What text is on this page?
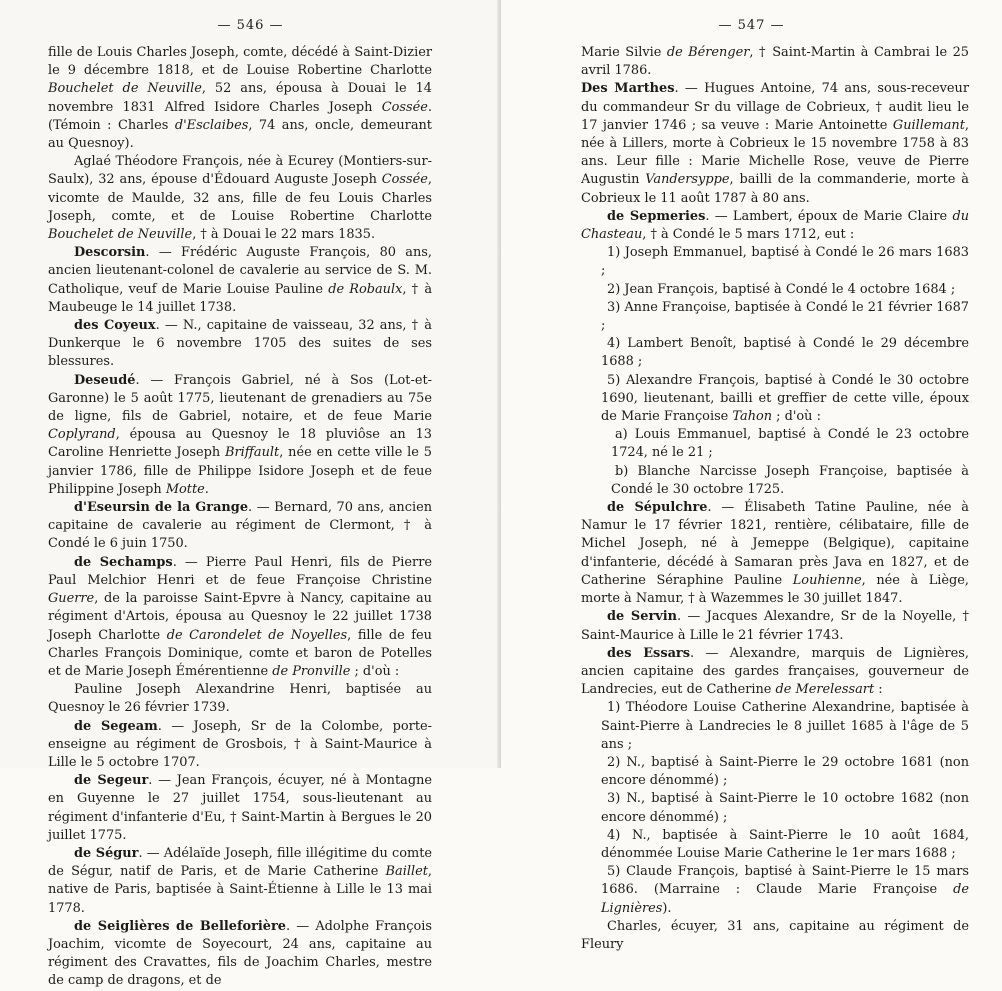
— 546 —

fille de Louis Charles Joseph, comte, décédé à Saint-Dizier le 9 décembre 1818, et de Louise Robertine Charlotte Bouchelet de Neuville, 52 ans, épousa à Douai le 14 novembre 1831 Alfred Isidore Charles Joseph Cossée. (Témoin : Charles d'Esclaibes, 74 ans, oncle, demeurant au Quesnoy).

Aglaé Théodore François, née à Ecurey (Montiers-sur-Saulx), 32 ans, épouse d'Édouard Auguste Joseph Cossée, vicomte de Maulde, 32 ans, fille de feu Louis Charles Joseph, comte, et de Louise Robertine Charlotte Bouchelet de Neuville, † à Douai le 22 mars 1835.

Descorsin. — Frédéric Auguste François, 80 ans, ancien lieutenant-colonel de cavalerie au service de S. M. Catholique, veuf de Marie Louise Pauline de Robaulx, † à Maubeuge le 14 juillet 1738.

des Coyeux. — N., capitaine de vaisseau, 32 ans, † à Dunkerque le 6 novembre 1705 des suites de ses blessures.

Deseudé. — François Gabriel, né à Sos (Lot-et-Garonne) le 5 août 1775, lieutenant de grenadiers au 75e de ligne, fils de Gabriel, notaire, et de feue Marie Coplyrand, épousa au Quesnoy le 18 pluviôse an 13 Caroline Henriette Joseph Briffault, née en cette ville le 5 janvier 1786, fille de Philippe Isidore Joseph et de feue Philippine Joseph Motte.

d'Eseursin de la Grange. — Bernard, 70 ans, ancien capitaine de cavalerie au régiment de Clermont, † à Condé le 6 juin 1750.

de Sechamps. — Pierre Paul Henri, fils de Pierre Paul Melchior Henri et de feue Françoise Christine Guerre, de la paroisse Saint-Epvre à Nancy, capitaine au régiment d'Artois, épousa au Quesnoy le 22 juillet 1738 Joseph Charlotte de Carondelet de Noyelles, fille de feu Charles François Dominique, comte et baron de Potelles et de Marie Joseph Émérentienne de Pronville ; d'où :

Pauline Joseph Alexandrine Henri, baptisée au Quesnoy le 26 février 1739.

de Segeam. — Joseph, Sr de la Colombe, porte-enseigne au régiment de Grosbois, † à Saint-Maurice à Lille le 5 octobre 1707.

de Segeur. — Jean François, écuyer, né à Montagne en Guyenne le 27 juillet 1754, sous-lieutenant au régiment d'infanterie d'Eu, † Saint-Martin à Bergues le 20 juillet 1775.

de Ségur. — Adélaïde Joseph, fille illégitime du comte de Ségur, natif de Paris, et de Marie Catherine Baillet, native de Paris, baptisée à Saint-Étienne à Lille le 13 mai 1778.

de Seiglières de Belleforière. — Adolphe François Joachim, vicomte de Soyecourt, 24 ans, capitaine au régiment des Cravattes, fils de Joachim Charles, mestre de camp de dragons, et de

— 547 —

Marie Silvie de Bérenger, † Saint-Martin à Cambrai le 25 avril 1786.

Des Marthes. — Hugues Antoine, 74 ans, sous-receveur du commandeur Sr du village de Cobrieux, † audit lieu le 17 janvier 1746 ; sa veuve : Marie Antoinette Guillemant, née à Lillers, morte à Cobrieux le 15 novembre 1758 à 83 ans. Leur fille : Marie Michelle Rose, veuve de Pierre Augustin Vandersyppe, bailli de la commanderie, morte à Cobrieux le 11 août 1787 à 80 ans.

de Sepmeries. — Lambert, époux de Marie Claire du Chasteau, † à Condé le 5 mars 1712, eut :

1) Joseph Emmanuel, baptisé à Condé le 26 mars 1683 ;

2) Jean François, baptisé à Condé le 4 octobre 1684 ;

3) Anne Françoise, baptisée à Condé le 21 février 1687 ;

4) Lambert Benoît, baptisé à Condé le 29 décembre 1688 ;

5) Alexandre François, baptisé à Condé le 30 octobre 1690, lieutenant, bailli et greffier de cette ville, époux de Marie Françoise Tahon ; d'où :

a) Louis Emmanuel, baptisé à Condé le 23 octobre 1724, né le 21 ;

b) Blanche Narcisse Joseph Françoise, baptisée à Condé le 30 octobre 1725.

de Sépulchre. — Élisabeth Tatine Pauline, née à Namur le 17 février 1821, rentière, célibataire, fille de Michel Joseph, né à Jemeppe (Belgique), capitaine d'infanterie, décédé à Samaran près Java en 1827, et de Catherine Séraphine Pauline Louhienne, née à Liège, morte à Namur, † à Wazemmes le 30 juillet 1847.

de Servin. — Jacques Alexandre, Sr de la Noyelle, † Saint-Maurice à Lille le 21 février 1743.

des Essars. — Alexandre, marquis de Lignières, ancien capitaine des gardes françaises, gouverneur de Landrecies, eut de Catherine de Merelessart :

1) Théodore Louise Catherine Alexandrine, baptisée à Saint-Pierre à Landrecies le 8 juillet 1685 à l'âge de 5 ans ;

2) N., baptisé à Saint-Pierre le 29 octobre 1681 (non encore dénommé) ;

3) N., baptisé à Saint-Pierre le 10 octobre 1682 (non encore dénommé) ;

4) N., baptisée à Saint-Pierre le 10 août 1684, dénommée Louise Marie Catherine le 1er mars 1688 ;

5) Claude François, baptisé à Saint-Pierre le 15 mars 1686. (Marraine : Claude Marie Françoise de Lignières).

Charles, écuyer, 31 ans, capitaine au régiment de Fleury
